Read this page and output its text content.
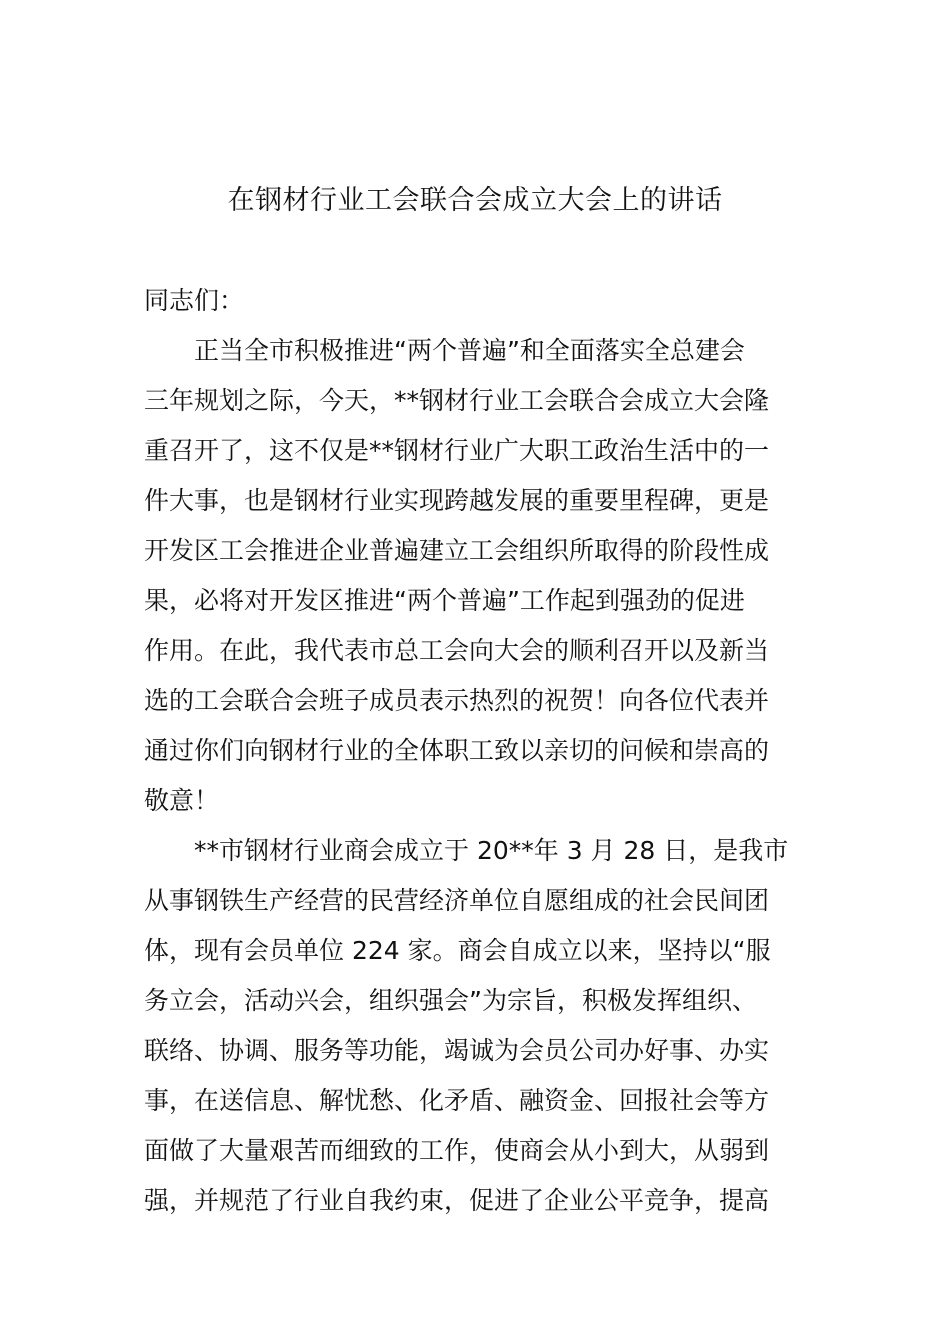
在钢材行业工会联合会成立大会上的讲话
同志们：
正当全市积极推进“两个普遍”和全面落实全总建会
三年规划之际，今天，**钢材行业工会联合会成立大会隆
重召开了，这不仅是**钢材行业广大职工政治生活中的一
件大事，也是钢材行业实现跨越发展的重要里程碑，更是
开发区工会推进企业普遍建立工会组织所取得的阶段性成
果，必将对开发区推进“两个普遍”工作起到强劲的促进
作用。在此，我代表市总工会向大会的顺利召开以及新当
选的工会联合会班子成员表示热烈的祝贺！向各位代表并
通过你们向钢材行业的全体职工致以亲切的问候和崇高的
敬意！
**市钢材行业商会成立于 20**年 3 月 28 日，是我市
从事钢铁生产经营的民营经济单位自愿组成的社会民间团
体，现有会员单位 224 家。商会自成立以来，坚持以“服
务立会，活动兴会，组织强会”为宗旨，积极发挥组织、
联络、协调、服务等功能，竭诚为会员公司办好事、办实
事，在送信息、解忧愁、化矛盾、融资金、回报社会等方
面做了大量艰苦而细致的工作，使商会从小到大，从弱到
强，并规范了行业自我约束，促进了企业公平竞争，提高
